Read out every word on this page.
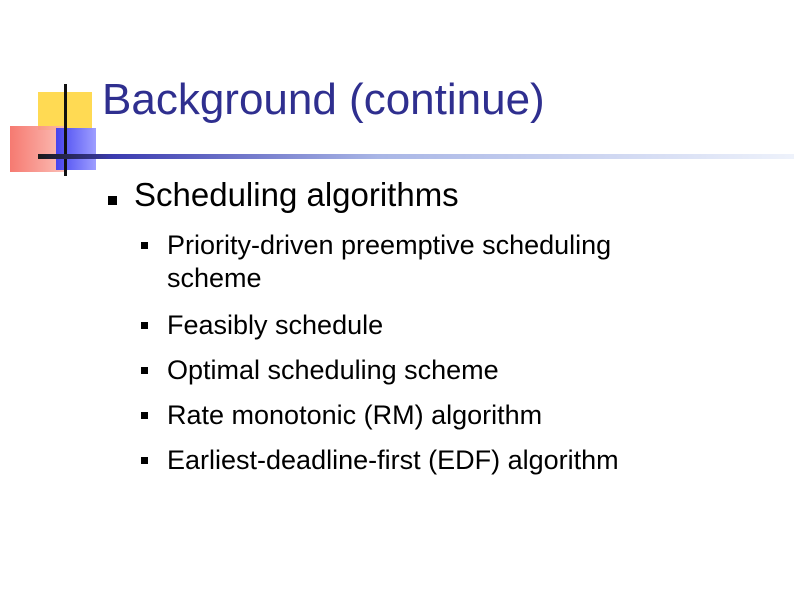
Background (continue)
Scheduling algorithms
Priority-driven preemptive scheduling
scheme
Feasibly schedule
Optimal scheduling scheme
Rate monotonic (RM) algorithm
Earliest-deadline-first (EDF) algorithm
